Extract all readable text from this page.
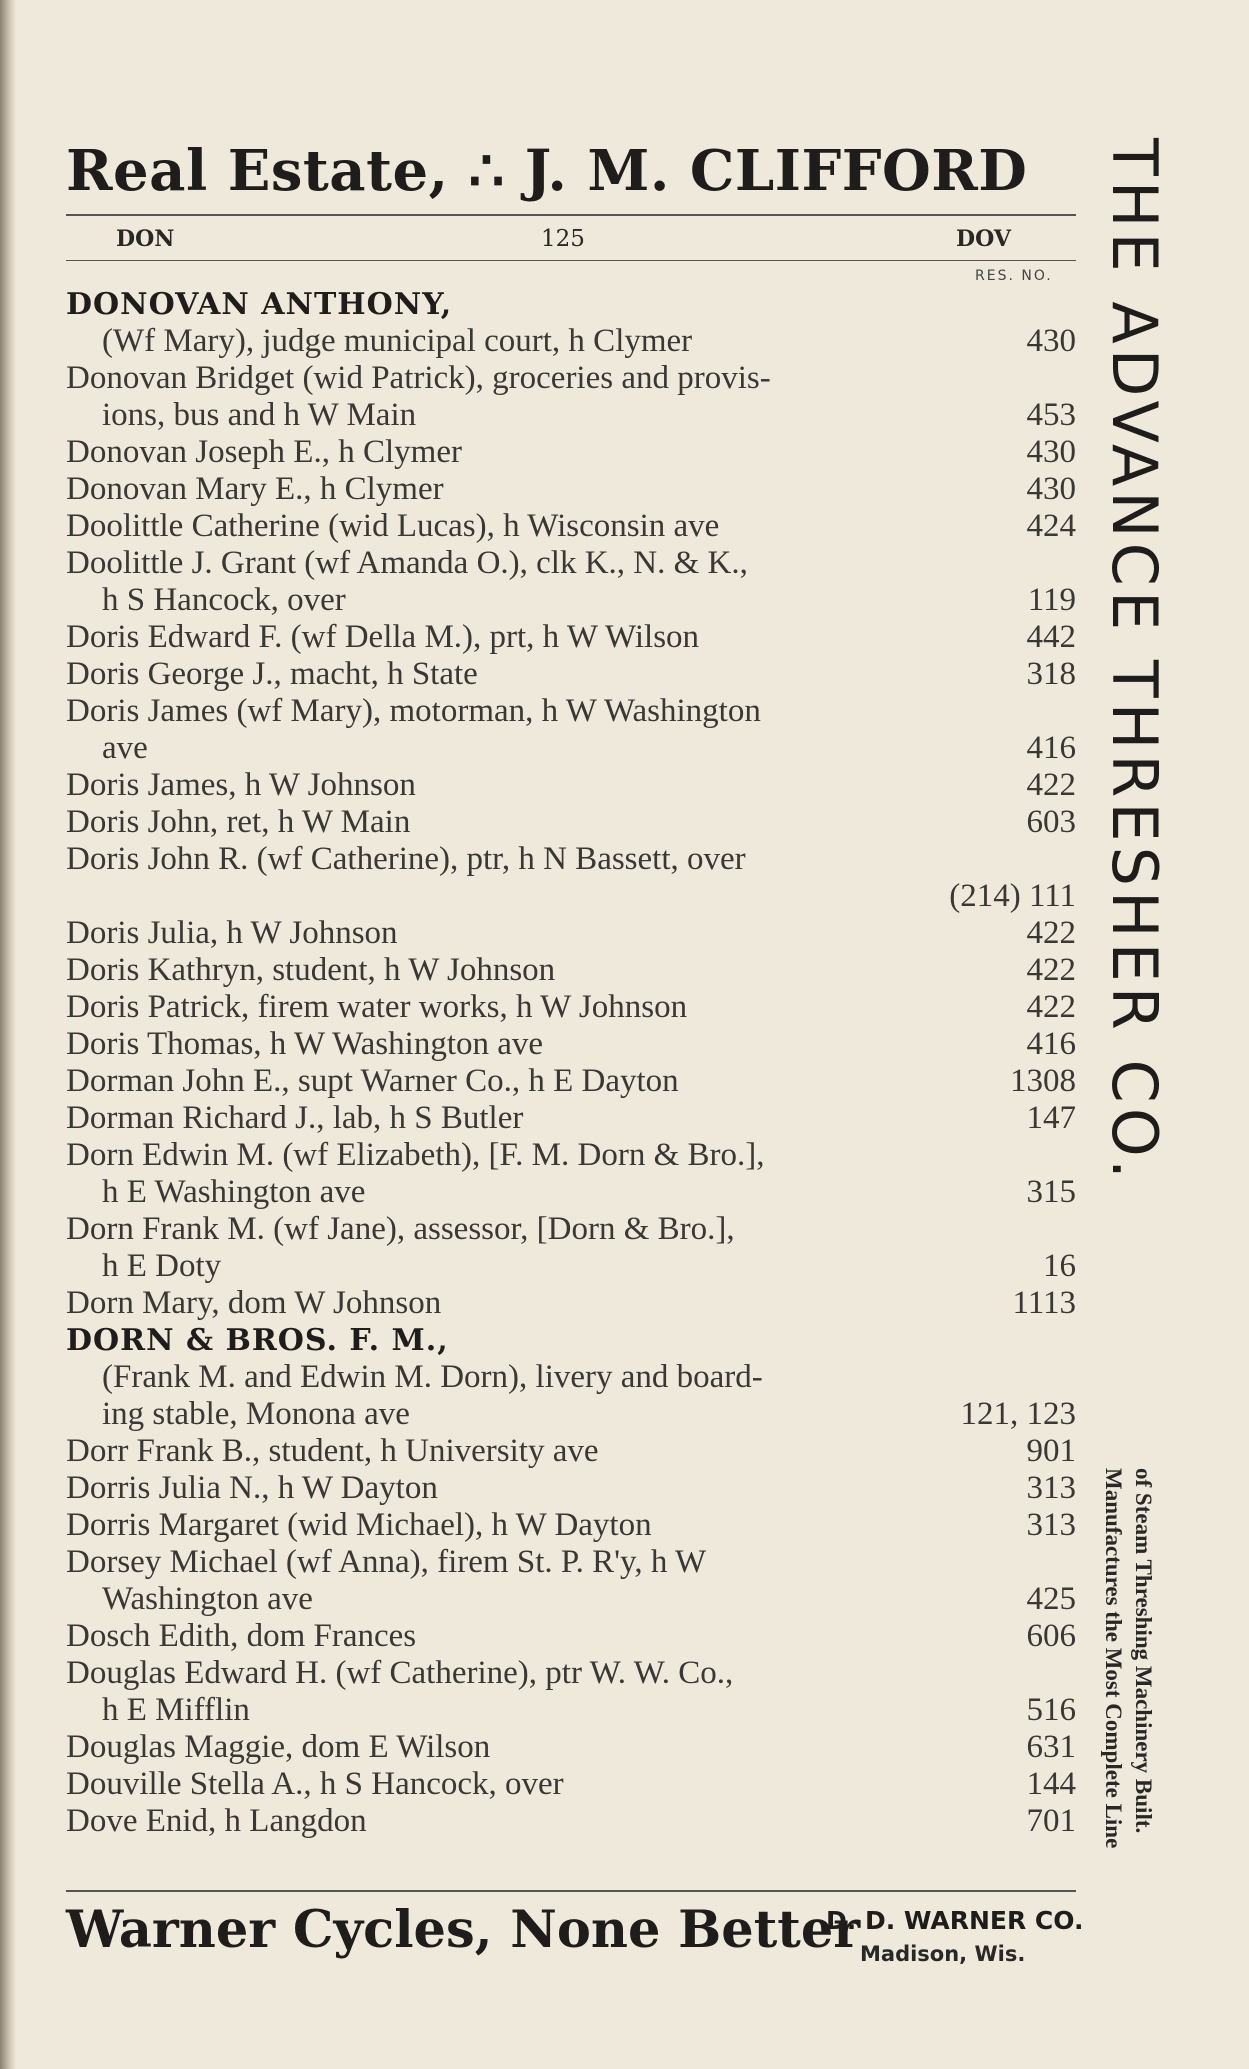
Real Estate, ∴ J. M. CLIFFORD
DON	125	DOV
RES. NO.
DONOVAN ANTHONY,
(Wf Mary), judge municipal court, h Clymer	430
Donovan Bridget (wid Patrick), groceries and provis-
ions, bus and h W Main	453
Donovan Joseph E., h Clymer	430
Donovan Mary E., h Clymer	430
Doolittle Catherine (wid Lucas), h Wisconsin ave	424
Doolittle J. Grant (wf Amanda O.), clk K., N. & K.,
h S Hancock, over	119
Doris Edward F. (wf Della M.), prt, h W Wilson	442
Doris George J., macht, h State	318
Doris James (wf Mary), motorman, h W Washington
ave	416
Doris James, h W Johnson	422
Doris John, ret, h W Main	603
Doris John R. (wf Catherine), ptr, h N Bassett, over
(214) 111
Doris Julia, h W Johnson	422
Doris Kathryn, student, h W Johnson	422
Doris Patrick, firem water works, h W Johnson	422
Doris Thomas, h W Washington ave	416
Dorman John E., supt Warner Co., h E Dayton	1308
Dorman Richard J., lab, h S Butler	147
Dorn Edwin M. (wf Elizabeth), [F. M. Dorn & Bro.],
h E Washington ave	315
Dorn Frank M. (wf Jane), assessor, [Dorn & Bro.],
h E Doty	16
Dorn Mary, dom W Johnson	1113
DORN & BROS. F. M.,
(Frank M. and Edwin M. Dorn), livery and board-
ing stable, Monona ave	121, 123
Dorr Frank B., student, h University ave	901
Dorris Julia N., h W Dayton	313
Dorris Margaret (wid Michael), h W Dayton	313
Dorsey Michael (wf Anna), firem St. P. R'y, h W
Washington ave	425
Dosch Edith, dom Frances	606
Douglas Edward H. (wf Catherine), ptr W. W. Co.,
h E Mifflin	516
Douglas Maggie, dom E Wilson	631
Douville Stella A., h S Hancock, over	144
Dove Enid, h Langdon	701
THE ADVANCE THRESHER CO.
Manufactures the Most Complete Line of Steam Threshing Machinery Built.
Warner Cycles, None Better
D. D. WARNER CO.
Madison, Wis.
